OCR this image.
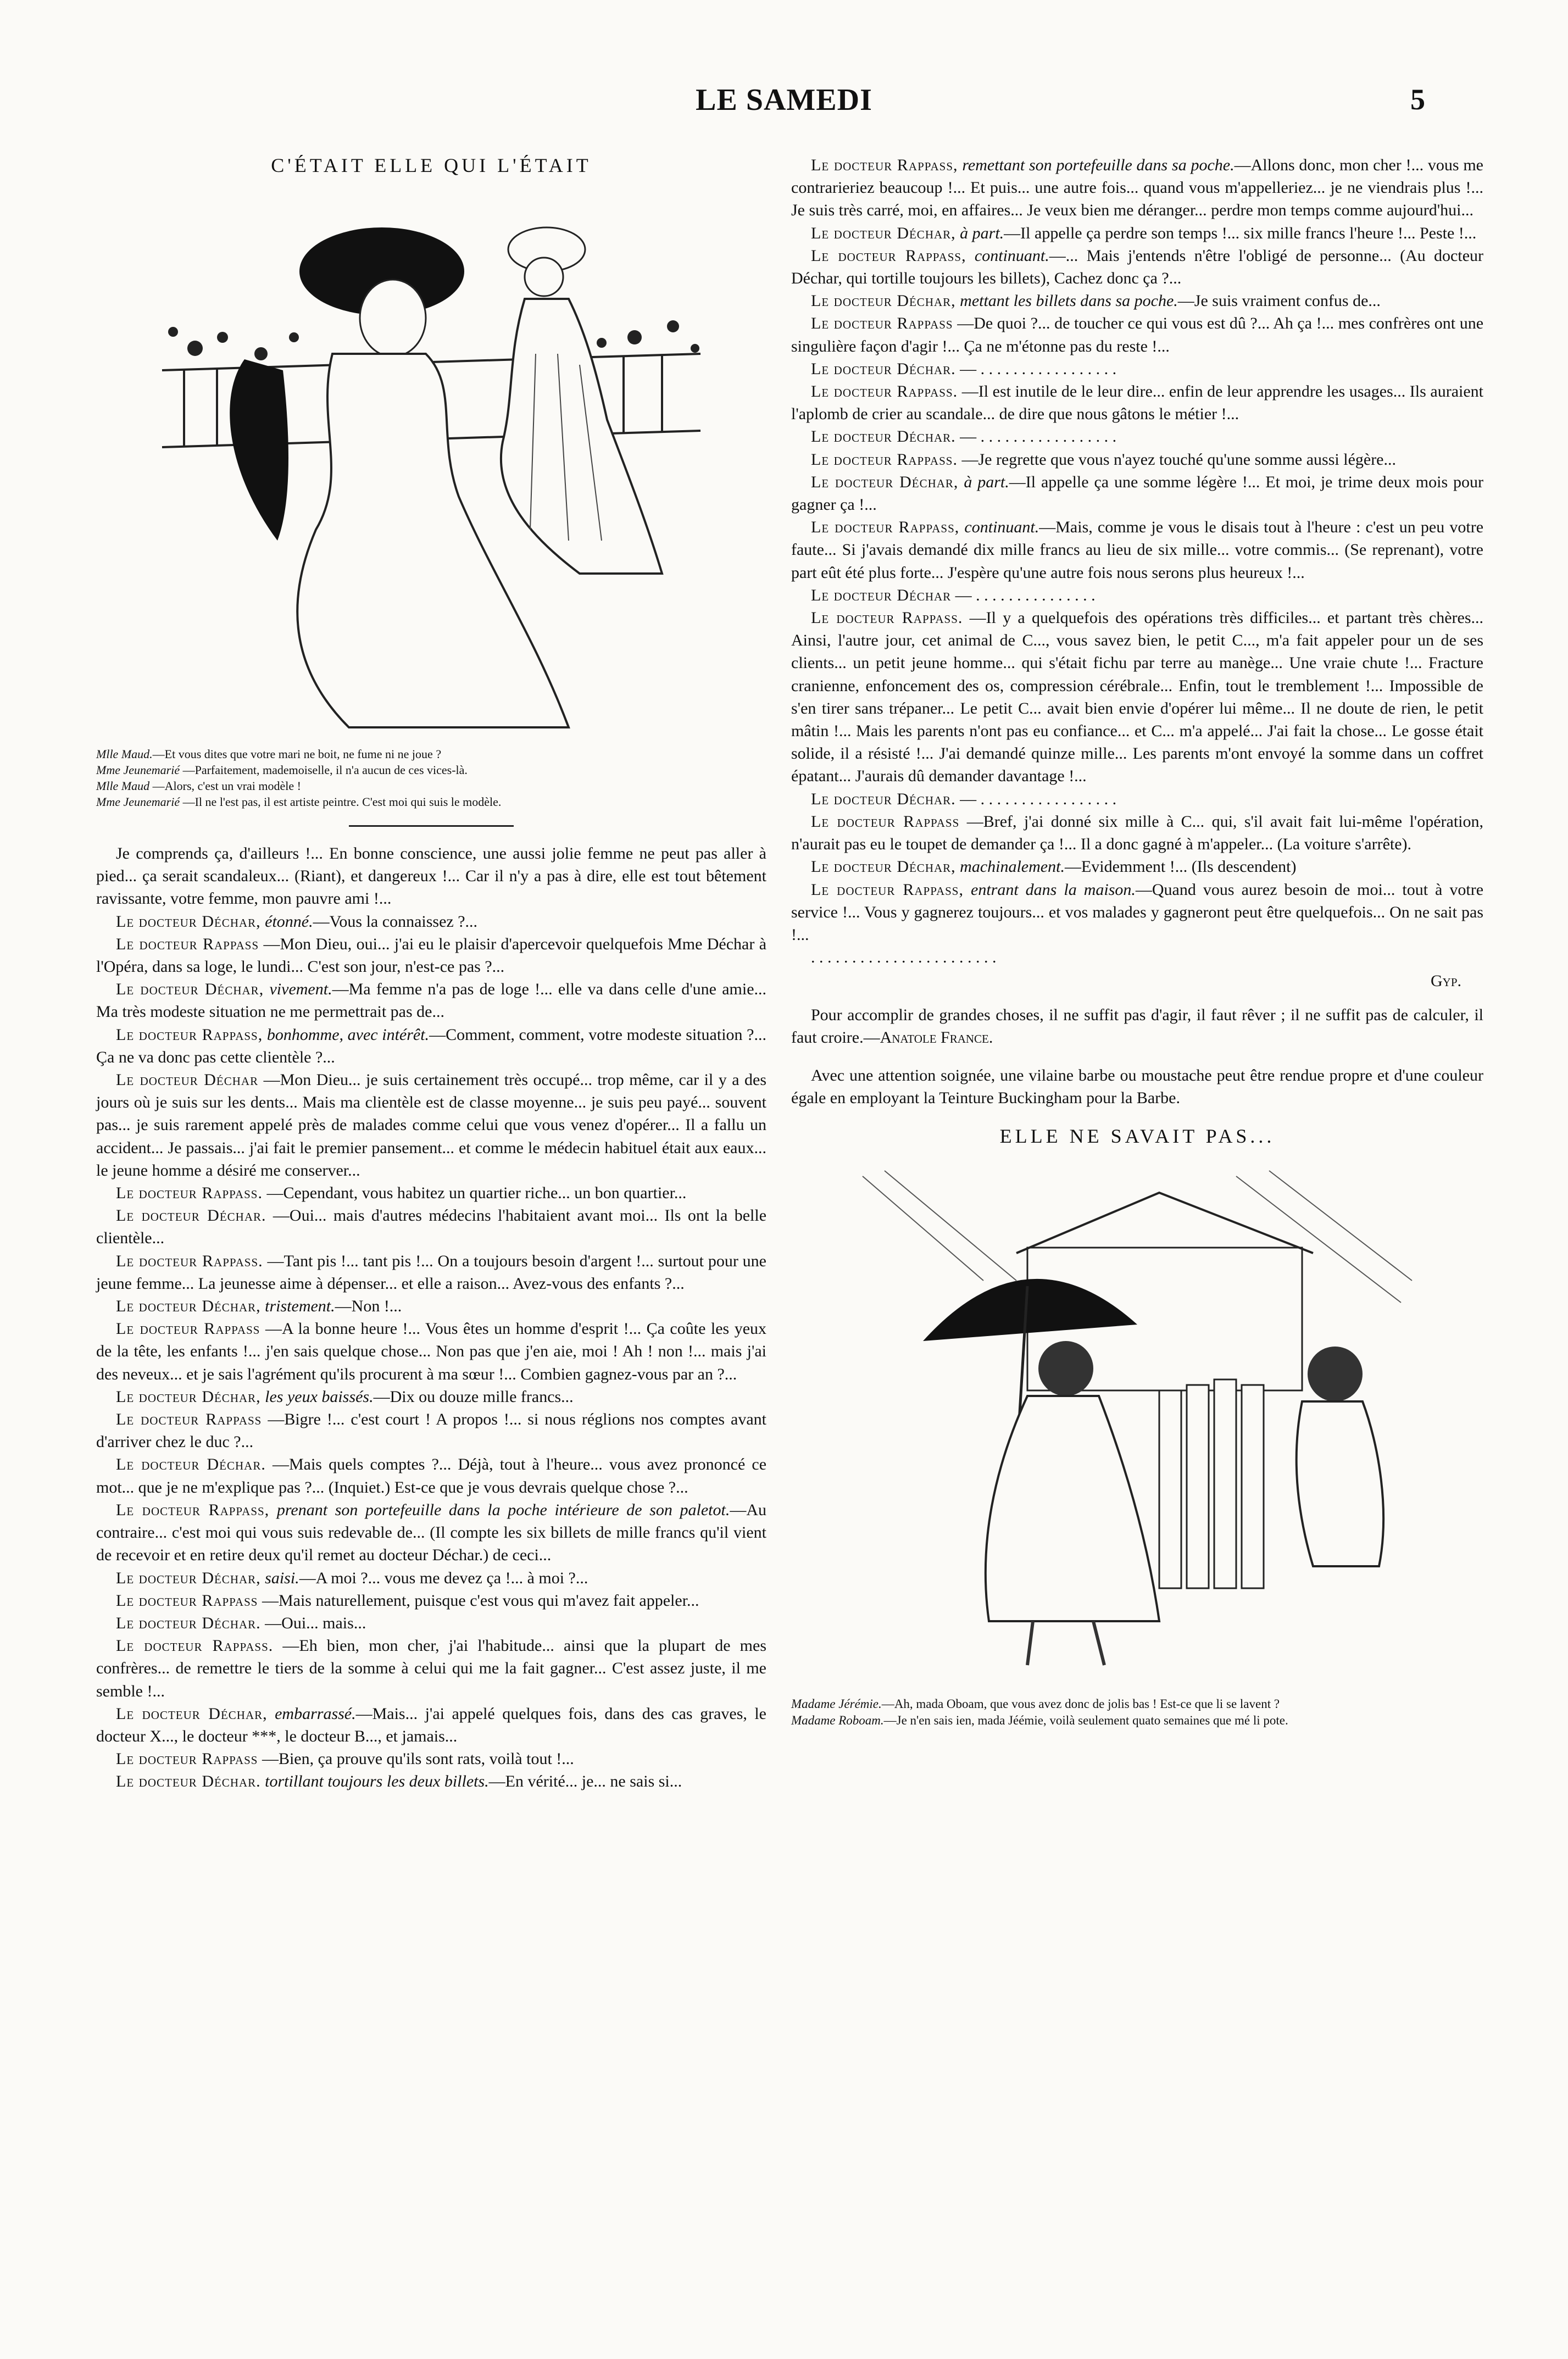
LE SAMEDI	5
C'ÉTAIT ELLE QUI L'ÉTAIT
Mlle Maud.—Et vous dites que votre mari ne boit, ne fume ni ne joue ?
Mme Jeunemarié —Parfaitement, mademoiselle, il n'a aucun de ces vices-là.
Mlle Maud —Alors, c'est un vrai modèle !
Mme Jeunemarié —Il ne l'est pas, il est artiste peintre. C'est moi qui suis le modèle.

Je comprends ça, d'ailleurs !... En bonne conscience, une aussi jolie femme ne peut pas aller à pied... ça serait scandaleux... (Riant), et dangereux !... Car il n'y a pas à dire, elle est tout bêtement ravissante, votre femme, mon pauvre ami !...

Le docteur Déchar, étonné.—Vous la connaissez ?...

Le docteur Rappass —Mon Dieu, oui... j'ai eu le plaisir d'apercevoir quelquefois Mme Déchar à l'Opéra, dans sa loge, le lundi... C'est son jour, n'est-ce pas ?...

Le docteur Déchar, vivement.—Ma femme n'a pas de loge !... elle va dans celle d'une amie... Ma très modeste situation ne me permettrait pas de...

Le docteur Rappass, bonhomme, avec intérêt.—Comment, comment, votre modeste situation ?... Ça ne va donc pas cette clientèle ?...

Le docteur Déchar —Mon Dieu... je suis certainement très occupé... trop même, car il y a des jours où je suis sur les dents... Mais ma clientèle est de classe moyenne... je suis peu payé... souvent pas... je suis rarement appelé près de malades comme celui que vous venez d'opérer... Il a fallu un accident... Je passais... j'ai fait le premier pansement... et comme le médecin habituel était aux eaux... le jeune homme a désiré me conserver...

Le docteur Rappass. —Cependant, vous habitez un quartier riche... un bon quartier...

Le docteur Déchar. —Oui... mais d'autres médecins l'habitaient avant moi... Ils ont la belle clientèle...

Le docteur Rappass. —Tant pis !... tant pis !... On a toujours besoin d'argent !... surtout pour une jeune femme... La jeunesse aime à dépenser... et elle a raison... Avez-vous des enfants ?...

Le docteur Déchar, tristement.—Non !...

Le docteur Rappass —A la bonne heure !... Vous êtes un homme d'esprit !... Ça coûte les yeux de la tête, les enfants !... j'en sais quelque chose... Non pas que j'en aie, moi ! Ah ! non !... mais j'ai des neveux... et je sais l'agrément qu'ils procurent à ma sœur !... Combien gagnez-vous par an ?...

Le docteur Déchar, les yeux baissés.—Dix ou douze mille francs...

Le docteur Rappass —Bigre !... c'est court ! A propos !... si nous réglions nos comptes avant d'arriver chez le duc ?...

Le docteur Déchar. —Mais quels comptes ?... Déjà, tout à l'heure... vous avez prononcé ce mot... que je ne m'explique pas ?... (Inquiet.) Est-ce que je vous devrais quelque chose ?...

Le docteur Rappass, prenant son portefeuille dans la poche intérieure de son paletot.—Au contraire... c'est moi qui vous suis redevable de... (Il compte les six billets de mille francs qu'il vient de recevoir et en retire deux qu'il remet au docteur Déchar.) de ceci...

Le docteur Déchar, saisi.—A moi ?... vous me devez ça !... à moi ?...

Le docteur Rappass —Mais naturellement, puisque c'est vous qui m'avez fait appeler...

Le docteur Déchar. —Oui... mais...

Le docteur Rappass. —Eh bien, mon cher, j'ai l'habitude... ainsi que la plupart de mes confrères... de remettre le tiers de la somme à celui qui me la fait gagner... C'est assez juste, il me semble !...

Le docteur Déchar, embarrassé.—Mais... j'ai appelé quelques fois, dans des cas graves, le docteur X..., le docteur ***, le docteur B..., et jamais...

Le docteur Rappass —Bien, ça prouve qu'ils sont rats, voilà tout !...

Le docteur Déchar. tortillant toujours les deux billets.—En vérité... je... ne sais si...

Le docteur Rappass, remettant son portefeuille dans sa poche.—Allons donc, mon cher !... vous me contrarieriez beaucoup !... Et puis... une autre fois... quand vous m'appelleriez... je ne viendrais plus !... Je suis très carré, moi, en affaires... Je veux bien me déranger... perdre mon temps comme aujourd'hui...

Le docteur Déchar, à part.—Il appelle ça perdre son temps !... six mille francs l'heure !... Peste !...

Le docteur Rappass, continuant.—... Mais j'entends n'être l'obligé de personne... (Au docteur Déchar, qui tortille toujours les billets), Cachez donc ça ?...

Le docteur Déchar, mettant les billets dans sa poche.—Je suis vraiment confus de...

Le docteur Rappass —De quoi ?... de toucher ce qui vous est dû ?... Ah ça !... mes confrères ont une singulière façon d'agir !... Ça ne m'étonne pas du reste !...

Le docteur Déchar. — . . . . . . . . . . . . . . . . .

Le docteur Rappass. —Il est inutile de le leur dire... enfin de leur apprendre les usages... Ils auraient l'aplomb de crier au scandale... de dire que nous gâtons le métier !...

Le docteur Déchar. — . . . . . . . . . . . . . . . . .

Le docteur Rappass. —Je regrette que vous n'ayez touché qu'une somme aussi légère...

Le docteur Déchar, à part.—Il appelle ça une somme légère !... Et moi, je trime deux mois pour gagner ça !...

Le docteur Rappass, continuant.—Mais, comme je vous le disais tout à l'heure : c'est un peu votre faute... Si j'avais demandé dix mille francs au lieu de six mille... votre commis... (Se reprenant), votre part eût été plus forte... J'espère qu'une autre fois nous serons plus heureux !...

Le docteur Déchar — . . . . . . . . . . . . . . .

Le docteur Rappass. —Il y a quelquefois des opérations très difficiles... et partant très chères... Ainsi, l'autre jour, cet animal de C..., vous savez bien, le petit C..., m'a fait appeler pour un de ses clients... un petit jeune homme... qui s'était fichu par terre au manège... Une vraie chute !... Fracture cranienne, enfoncement des os, compression cérébrale... Enfin, tout le tremblement !... Impossible de s'en tirer sans trépaner... Le petit C... avait bien envie d'opérer lui même... Il ne doute de rien, le petit mâtin !... Mais les parents n'ont pas eu confiance... et C... m'a appelé... J'ai fait la chose... Le gosse était solide, il a résisté !... J'ai demandé quinze mille... Les parents m'ont envoyé la somme dans un coffret épatant... J'aurais dû demander davantage !...

Le docteur Déchar. — . . . . . . . . . . . . . . . . .

Le docteur Rappass —Bref, j'ai donné six mille à C... qui, s'il avait fait lui-même l'opération, n'aurait pas eu le toupet de demander ça !... Il a donc gagné à m'appeler... (La voiture s'arrête).

Le docteur Déchar, machinalement.—Evidemment !... (Ils descendent)

Le docteur Rappass, entrant dans la maison.—Quand vous aurez besoin de moi... tout à votre service !... Vous y gagnerez toujours... et vos malades y gagneront peut être quelquefois... On ne sait pas !...

. . . . . . . . . . . . . . . . . . . . . . .

Gyp.

Pour accomplir de grandes choses, il ne suffit pas d'agir, il faut rêver ; il ne suffit pas de calculer, il faut croire.—Anatole France.

Avec une attention soignée, une vilaine barbe ou moustache peut être rendue propre et d'une couleur égale en employant la Teinture Buckingham pour la Barbe.

ELLE NE SAVAIT PAS...
Madame Jérémie.—Ah, mada Oboam, que vous avez donc de jolis bas ! Est-ce que li se lavent ?
Madame Roboam.—Je n'en sais ien, mada Jéémie, voilà seulement quato semaines que mé li pote.
